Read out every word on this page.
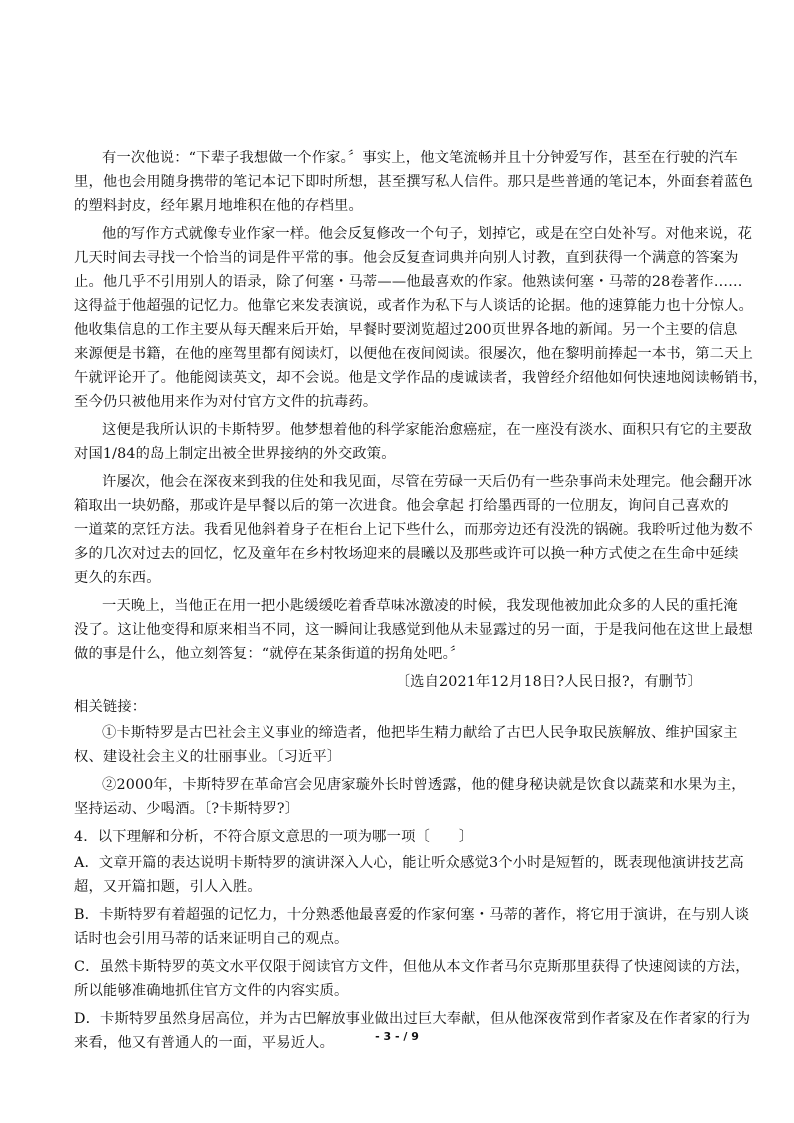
有一次他说：“下辈子我想做一个作家。〞事实上，他文笔流畅并且十分钟爱写作，甚至在行驶的汽车
里，他也会用随身携带的笔记本记下即时所想，甚至撰写私人信件。那只是些普通的笔记本，外面套着蓝色
的塑料封皮，经年累月地堆积在他的存档里。
他的写作方式就像专业作家一样。他会反复修改一个句子，划掉它，或是在空白处补写。对他来说，花
几天时间去寻找一个恰当的词是件平常的事。他会反复查词典并向别人讨教，直到获得一个满意的答案为
止。他几乎不引用别人的语录，除了何塞・马蒂——他最喜欢的作家。他熟读何塞・马蒂的28卷著作……
这得益于他超强的记忆力。他靠它来发表演说，或者作为私下与人谈话的论据。他的速算能力也十分惊人。
他收集信息的工作主要从每天醒来后开始，早餐时要浏览超过200页世界各地的新闻。另一个主要的信息
来源便是书籍，在他的座驾里都有阅读灯，以便他在夜间阅读。很屡次，他在黎明前捧起一本书，第二天上
午就评论开了。他能阅读英文，却不会说。他是文学作品的虔诚读者，我曾经介绍他如何快速地阅读畅销书，
至今仍只被他用来作为对付官方文件的抗毒药。
这便是我所认识的卡斯特罗。他梦想着他的科学家能治愈癌症，在一座没有淡水、面积只有它的主要敌
对国1/84的岛上制定出被全世界接纳的外交政策。
许屡次，他会在深夜来到我的住处和我见面，尽管在劳碌一天后仍有一些杂事尚未处理完。他会翻开冰
箱取出一块奶酪，那或许是早餐以后的第一次进食。他会拿起 打给墨西哥的一位朋友，询问自己喜欢的
一道菜的烹饪方法。我看见他斜着身子在柜台上记下些什么，而那旁边还有没洗的锅碗。我聆听过他为数不
多的几次对过去的回忆，忆及童年在乡村牧场迎来的晨曦以及那些或许可以换一种方式使之在生命中延续
更久的东西。
一天晚上，当他正在用一把小匙缓缓吃着香草味冰激凌的时候，我发现他被加此众多的人民的重托淹
没了。这让他变得和原来相当不同，这一瞬间让我感觉到他从未显露过的另一面，于是我问他在这世上最想
做的事是什么，他立刻答复：“就停在某条街道的拐角处吧。〞
〔选自2021年12月18日?人民日报?，有删节〕
相关链接：
①卡斯特罗是古巴社会主义事业的缔造者，他把毕生精力献给了古巴人民争取民族解放、维护国家主
权、建设社会主义的壮丽事业。〔习近平〕
②2000年，卡斯特罗在革命宫会见唐家璇外长时曾透露，他的健身秘诀就是饮食以蔬菜和水果为主，
坚持运动、少喝酒。〔?卡斯特罗?〕
4．以下理解和分析，不符合原文意思的一项为哪一项〔　　〕
A．文章开篇的表达说明卡斯特罗的演讲深入人心，能让听众感觉3个小时是短暂的，既表现他演讲技艺高
超，又开篇扣题，引人入胜。
B．卡斯特罗有着超强的记忆力，十分熟悉他最喜爱的作家何塞・马蒂的著作，将它用于演讲，在与别人谈
话时也会引用马蒂的话来证明自己的观点。
C．虽然卡斯特罗的英文水平仅限于阅读官方文件，但他从本文作者马尔克斯那里获得了快速阅读的方法，
所以能够准确地抓住官方文件的内容实质。
D．卡斯特罗虽然身居高位，并为古巴解放事业做出过巨大奉献，但从他深夜常到作者家及在作者家的行为
来看，他又有普通人的一面，平易近人。	- 3 - / 9
